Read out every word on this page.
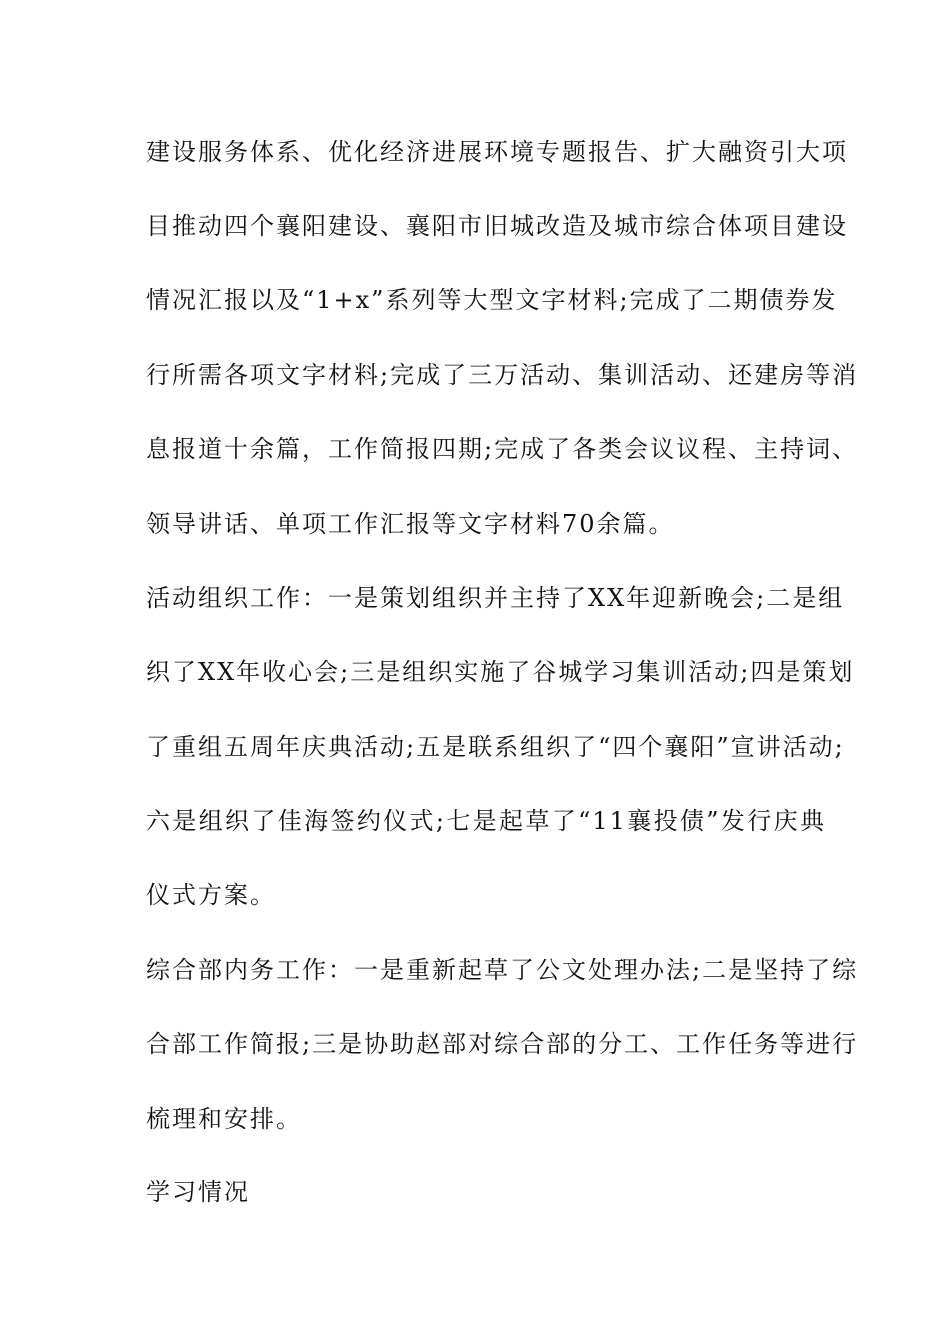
建设服务体系、优化经济进展环境专题报告、扩大融资引大项
目推动四个襄阳建设、襄阳市旧城改造及城市综合体项目建设
情况汇报以及“1+x”系列等大型文字材料;完成了二期债券发
行所需各项文字材料;完成了三万活动、集训活动、还建房等消
息报道十余篇，工作简报四期;完成了各类会议议程、主持词、
领导讲话、单项工作汇报等文字材料70余篇。
活动组织工作：一是策划组织并主持了XX年迎新晚会;二是组
织了XX年收心会;三是组织实施了谷城学习集训活动;四是策划
了重组五周年庆典活动;五是联系组织了“四个襄阳”宣讲活动;
六是组织了佳海签约仪式;七是起草了“11襄投债”发行庆典
仪式方案。
综合部内务工作：一是重新起草了公文处理办法;二是坚持了综
合部工作简报;三是协助赵部对综合部的分工、工作任务等进行
梳理和安排。
学习情况
